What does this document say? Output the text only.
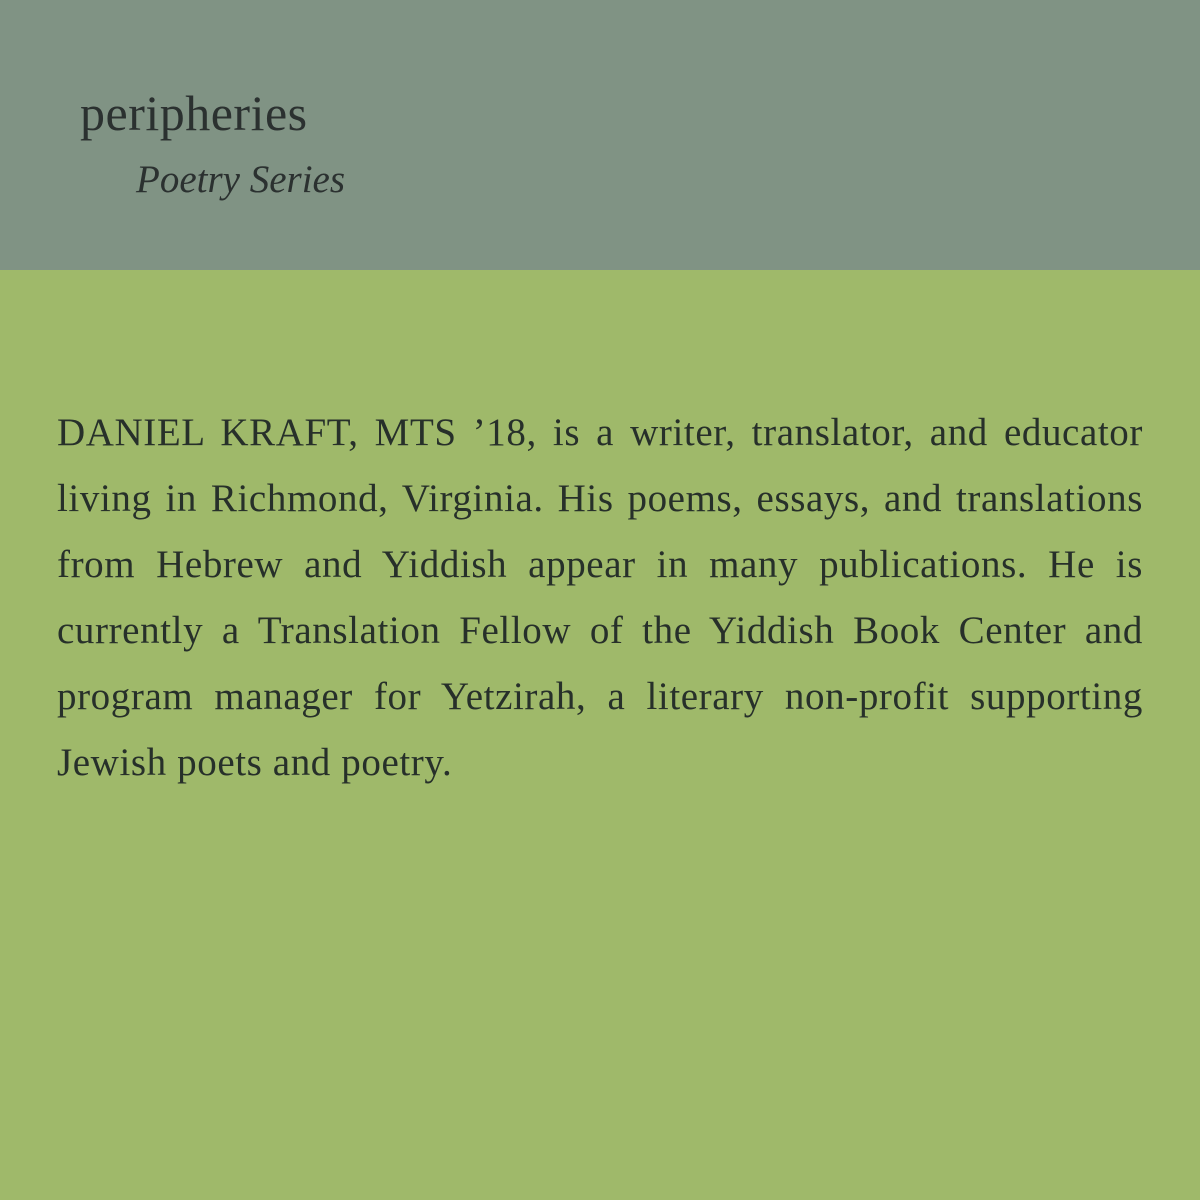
peripheries
Poetry Series

DANIEL KRAFT, MTS ’18, is a writer, translator, and educator living in Richmond, Virginia. His poems, essays, and translations from Hebrew and Yiddish appear in many publications. He is currently a Translation Fellow of the Yiddish Book Center and program manager for Yetzirah, a literary non-profit supporting Jewish poets and poetry.
